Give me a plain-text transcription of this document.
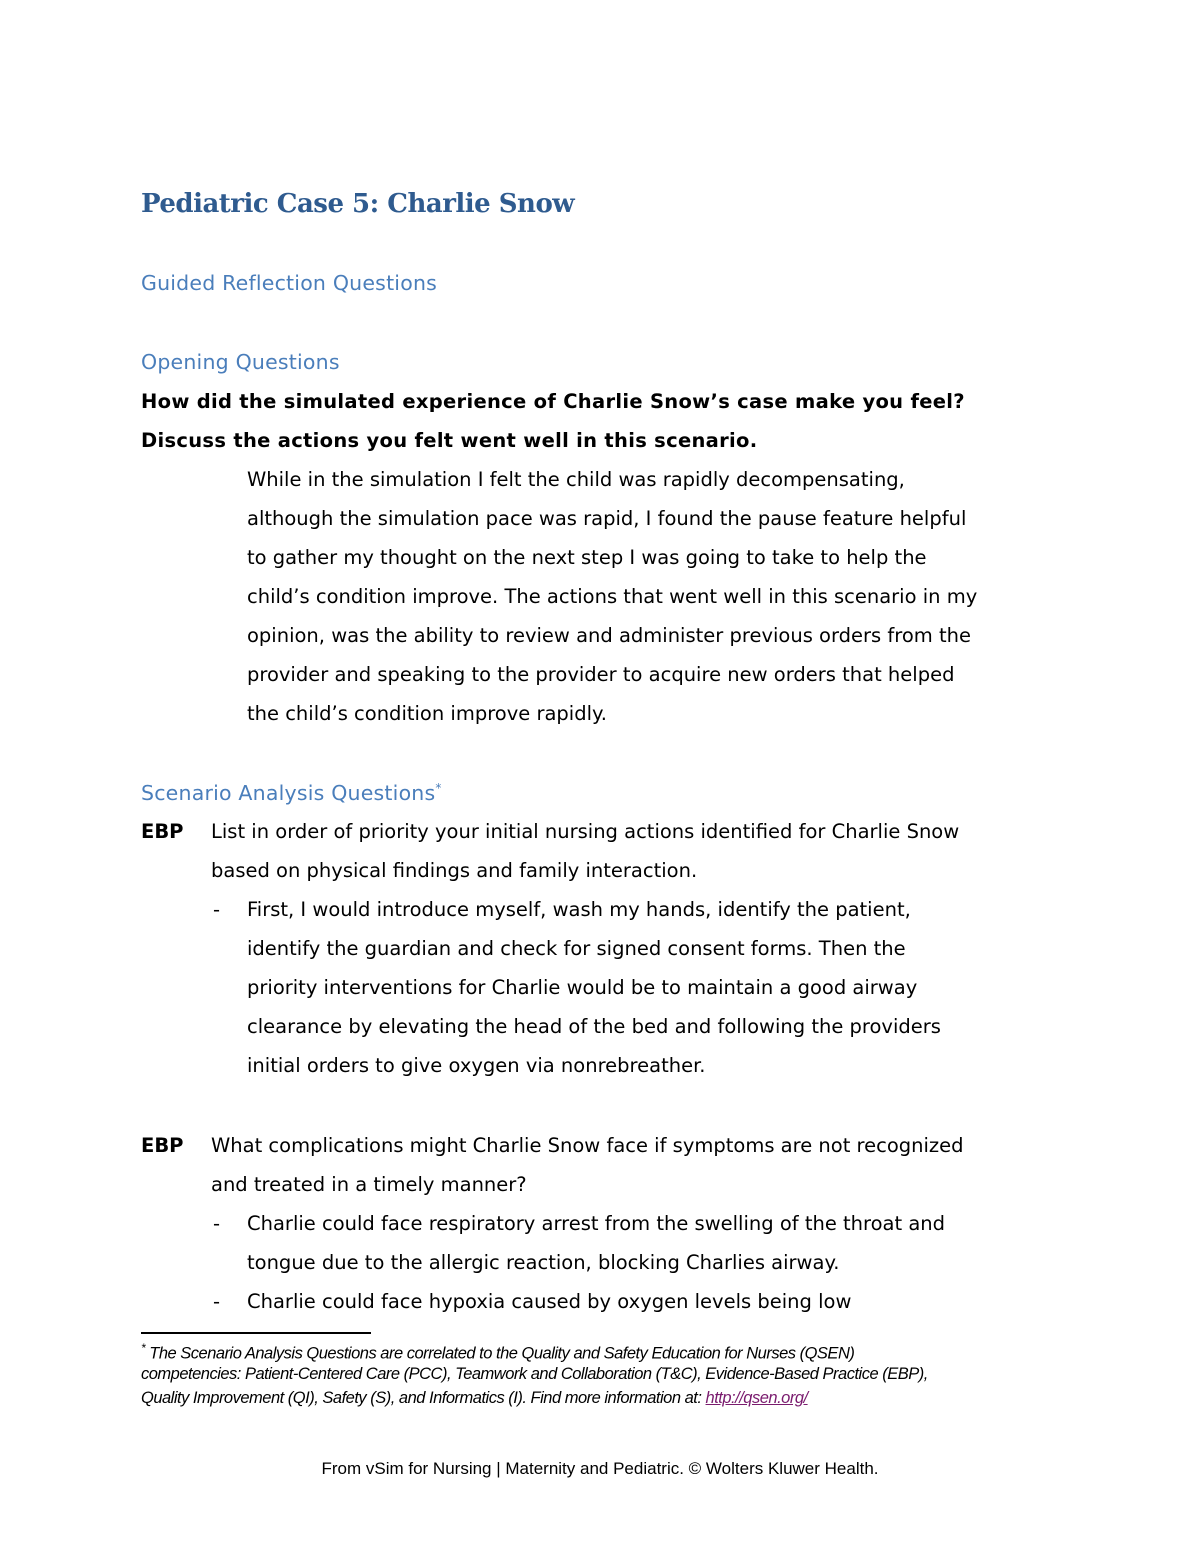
Pediatric Case 5: Charlie Snow
Guided Reflection Questions
Opening Questions
How did the simulated experience of Charlie Snow’s case make you feel?
Discuss the actions you felt went well in this scenario.
While in the simulation I felt the child was rapidly decompensating,
although the simulation pace was rapid, I found the pause feature helpful
to gather my thought on the next step I was going to take to help the
child’s condition improve. The actions that went well in this scenario in my
opinion, was the ability to review and administer previous orders from the
provider and speaking to the provider to acquire new orders that helped
the child’s condition improve rapidly.
Scenario Analysis Questions*
EBP List in order of priority your initial nursing actions identified for Charlie Snow
based on physical findings and family interaction.
- First, I would introduce myself, wash my hands, identify the patient,
identify the guardian and check for signed consent forms. Then the
priority interventions for Charlie would be to maintain a good airway
clearance by elevating the head of the bed and following the providers
initial orders to give oxygen via nonrebreather.
EBP What complications might Charlie Snow face if symptoms are not recognized
and treated in a timely manner?
- Charlie could face respiratory arrest from the swelling of the throat and
tongue due to the allergic reaction, blocking Charlies airway.
- Charlie could face hypoxia caused by oxygen levels being low
* The Scenario Analysis Questions are correlated to the Quality and Safety Education for Nurses (QSEN)
competencies: Patient-Centered Care (PCC), Teamwork and Collaboration (T&C), Evidence-Based Practice (EBP),
Quality Improvement (QI), Safety (S), and Informatics (I). Find more information at: http://qsen.org/
From vSim for Nursing | Maternity and Pediatric. © Wolters Kluwer Health.
